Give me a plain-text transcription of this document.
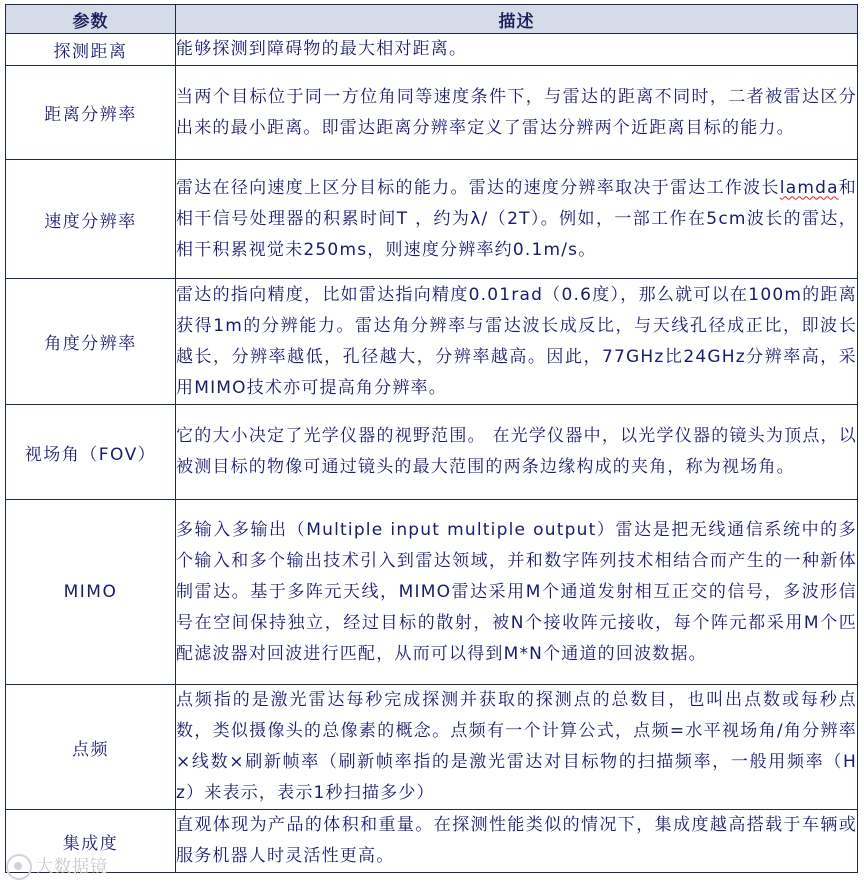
参数	描述
探测距离	能够探测到障碍物的最大相对距离。
距离分辨率	当两个目标位于同一方位角同等速度条件下，与雷达的距离不同时，二者被雷达区分出来的最小距离。即雷达距离分辨率定义了雷达分辨两个近距离目标的能力。
速度分辨率	雷达在径向速度上区分目标的能力。雷达的速度分辨率取决于雷达工作波长lamda和相干信号处理器的积累时间T ，约为λ/（2T）。例如，一部工作在5cm波长的雷达，相干积累视觉未250ms，则速度分辨率约0.1m/s。
角度分辨率	雷达的指向精度，比如雷达指向精度0.01rad（0.6度），那么就可以在100m的距离获得1m的分辨能力。雷达角分辨率与雷达波长成反比，与天线孔径成正比，即波长越长，分辨率越低，孔径越大，分辨率越高。因此，77GHz比24GHz分辨率高，采用MIMO技术亦可提高角分辨率。
视场角（FOV）	它的大小决定了光学仪器的视野范围。 在光学仪器中，以光学仪器的镜头为顶点，以被测目标的物像可通过镜头的最大范围的两条边缘构成的夹角，称为视场角。
MIMO	多输入多输出（Multiple input multiple output）雷达是把无线通信系统中的多个输入和多个输出技术引入到雷达领域，并和数字阵列技术相结合而产生的一种新体制雷达。基于多阵元天线，MIMO雷达采用M个通道发射相互正交的信号，多波形信号在空间保持独立，经过目标的散射，被N个接收阵元接收，每个阵元都采用M个匹配滤波器对回波进行匹配，从而可以得到M*N个通道的回波数据。
点频	点频指的是激光雷达每秒完成探测并获取的探测点的总数目，也叫出点数或每秒点数，类似摄像头的总像素的概念。点频有一个计算公式，点频=水平视场角/角分辨率×线数×刷新帧率（刷新帧率指的是激光雷达对目标物的扫描频率，一般用频率（Hz）来表示，表示1秒扫描多少）
集成度	直观体现为产品的体积和重量。在探测性能类似的情况下，集成度越高搭载于车辆或服务机器人时灵活性更高。
大数据镜
